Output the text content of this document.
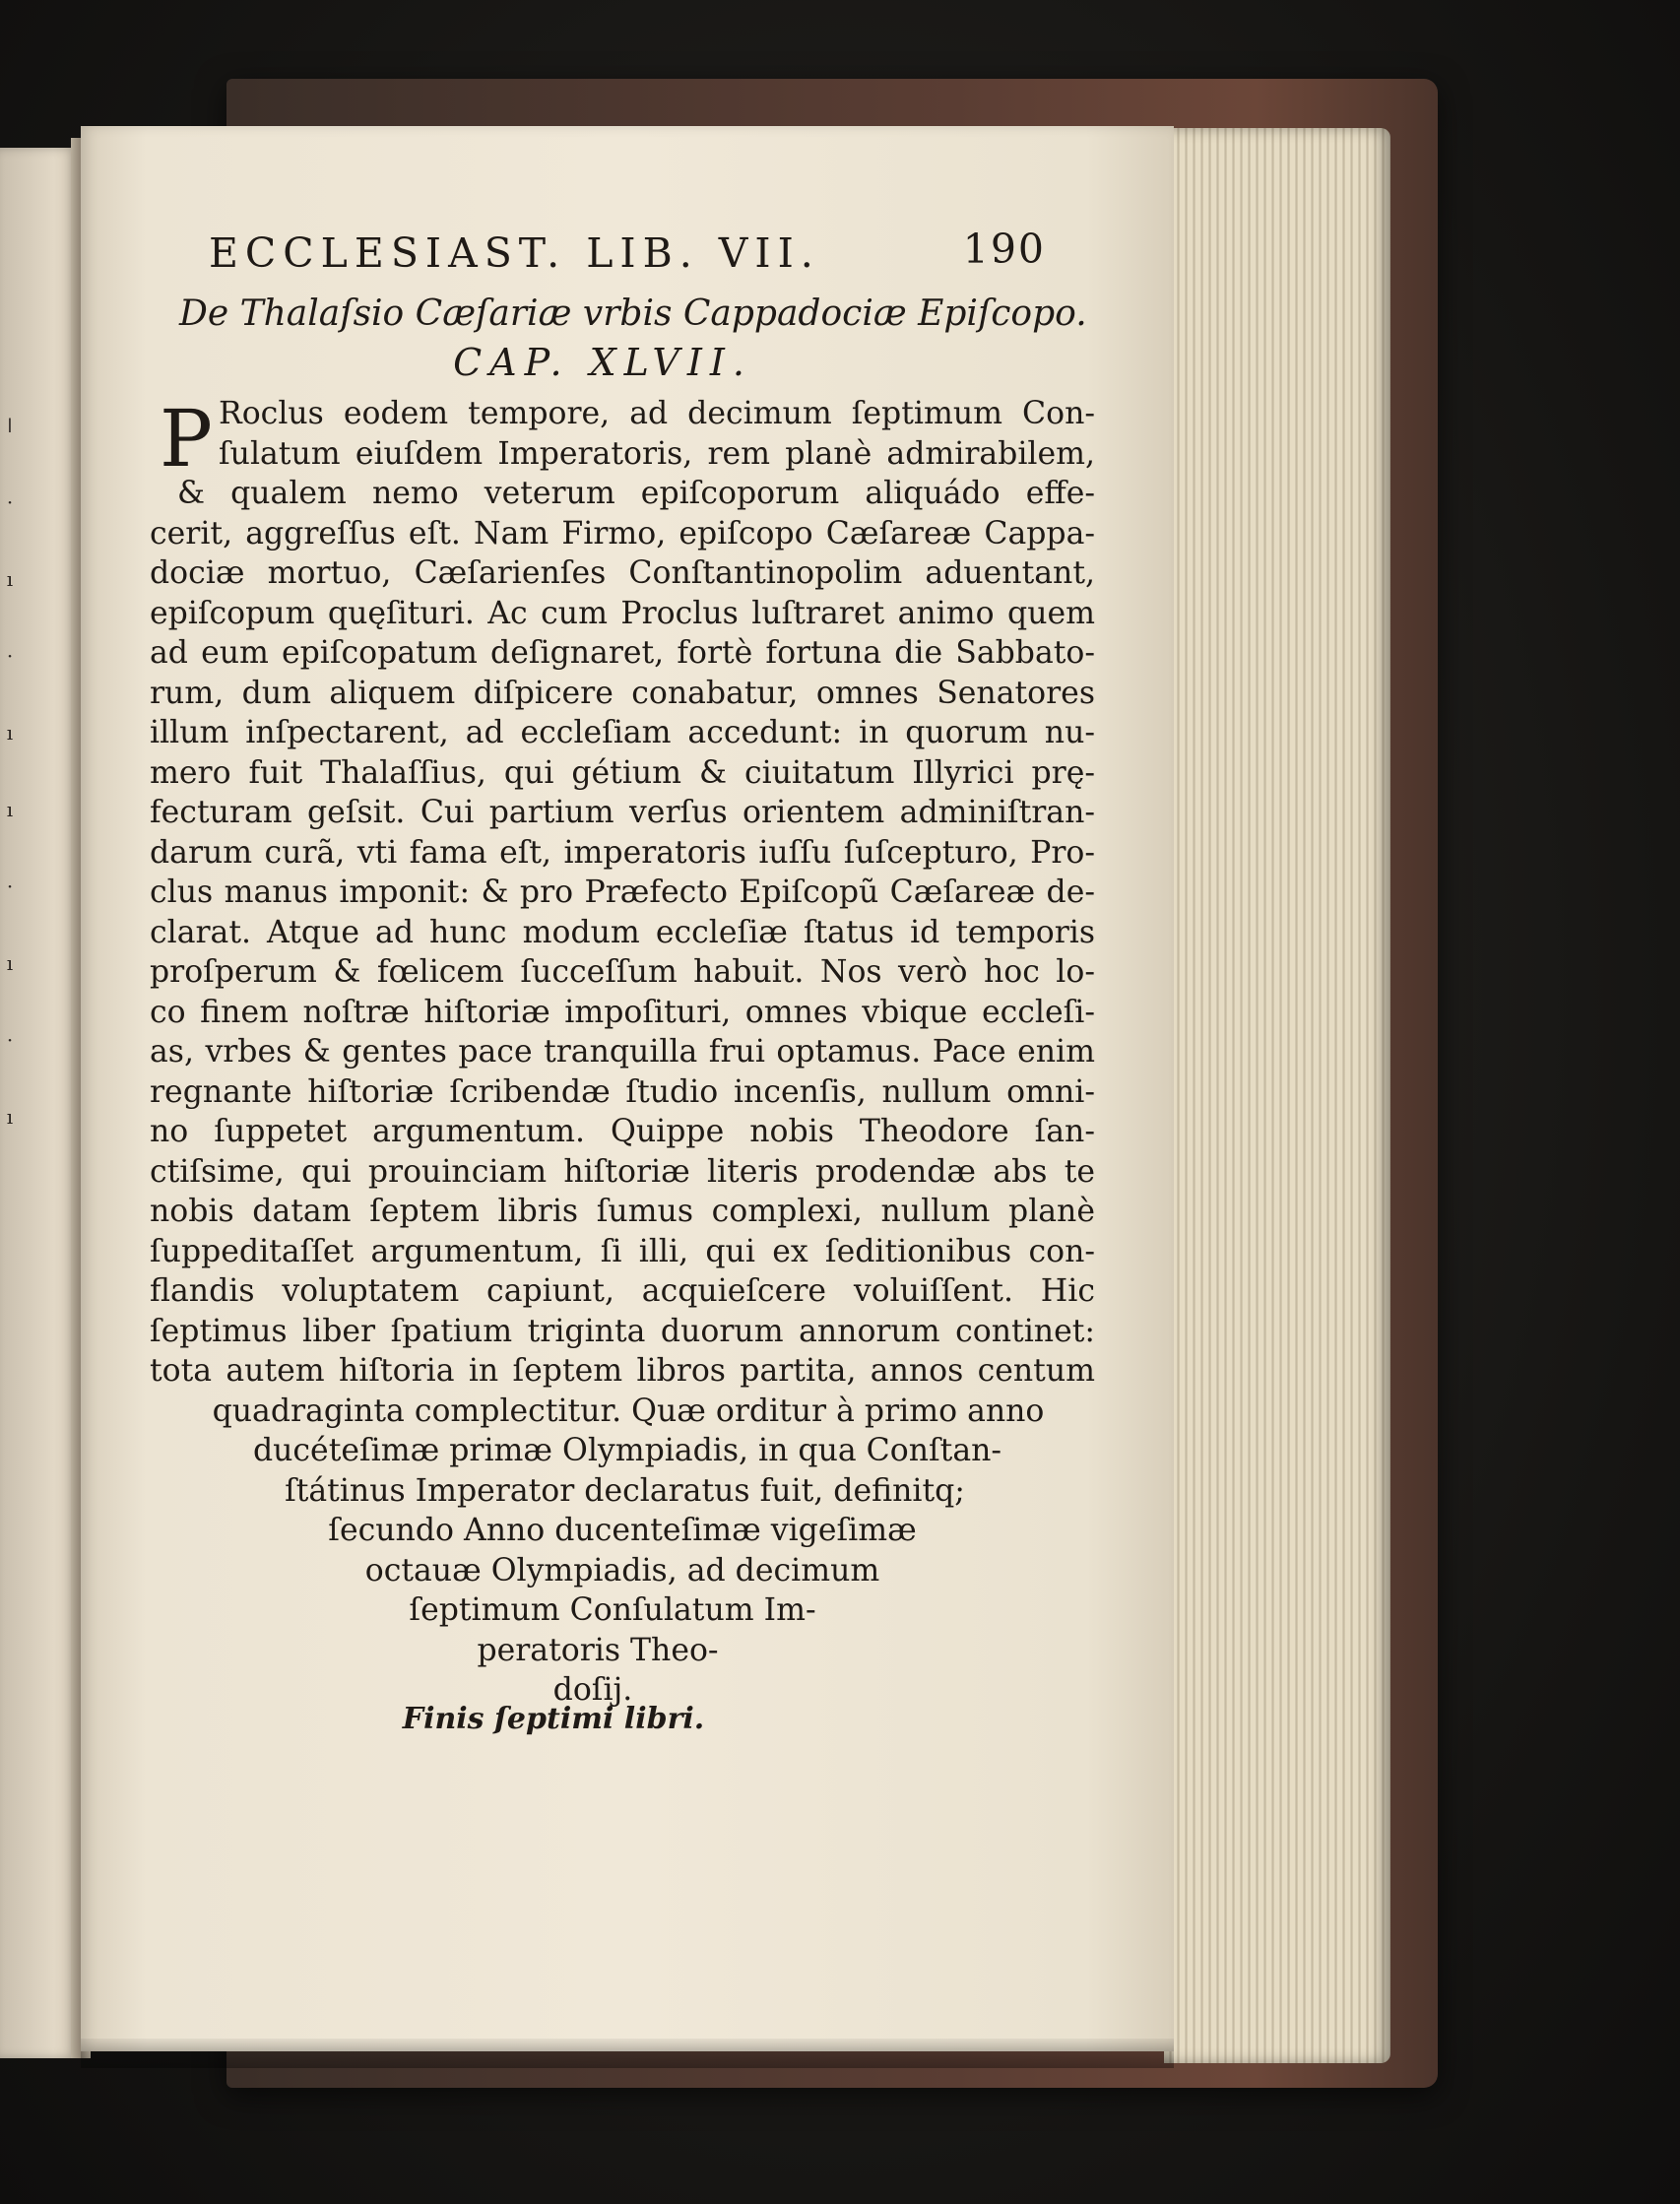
ǀ
·
ı
·
ı
ı
·
ı
·
ı
ECCLESIAST. LIB. VII.	190
De Thalaſsio Cæſariæ vrbis Cappadociæ Epiſcopo.
CAP. XLVII.
P Roclus eodem tempore, ad decimum ſeptimum Con-
ſulatum eiuſdem Imperatoris, rem planè admirabilem,
& qualem nemo veterum epiſcoporum aliquádo effe-
cerit, aggreſſus eſt. Nam Firmo, epiſcopo Cæſareæ Cappa-
dociæ mortuo, Cæſarienſes Conſtantinopolim aduentant,
epiſcopum quęſituri. Ac cum Proclus luſtraret animo quem
ad eum epiſcopatum deſignaret, fortè fortuna die Sabbato-
rum, dum aliquem diſpicere conabatur, omnes Senatores
illum inſpectarent, ad eccleſiam accedunt: in quorum nu-
mero fuit Thalaſſius, qui gétium & ciuitatum Illyrici prę-
fecturam geſsit. Cui partium verſus orientem adminiſtran-
darum curã, vti fama eſt, imperatoris iuſſu ſuſcepturo, Pro-
clus manus imponit: & pro Præfecto Epiſcopũ Cæſareæ de-
clarat. Atque ad hunc modum eccleſiæ ſtatus id temporis
proſperum & fœlicem ſucceſſum habuit. Nos verò hoc lo-
co finem noſtræ hiſtoriæ impoſituri, omnes vbique eccleſi-
as, vrbes & gentes pace tranquilla frui optamus. Pace enim
regnante hiſtoriæ ſcribendæ ſtudio incenſis, nullum omni-
no ſuppetet argumentum. Quippe nobis Theodore ſan-
ctiſsime, qui prouinciam hiſtoriæ literis prodendæ abs te
nobis datam ſeptem libris ſumus complexi, nullum planè
ſuppeditaſſet argumentum, ſi illi, qui ex ſeditionibus con-
flandis voluptatem capiunt, acquieſcere voluiſſent. Hic
ſeptimus liber ſpatium triginta duorum annorum continet:
tota autem hiſtoria in ſeptem libros partita, annos centum
quadraginta complectitur. Quæ orditur à primo anno
ducéteſimæ primæ Olympiadis, in qua Conſtan-
ſtátinus Imperator declaratus fuit, definitq;
ſecundo Anno ducenteſimæ vigeſimæ
octauæ Olympiadis, ad decimum
ſeptimum Conſulatum Im-
peratoris Theo-
doſij.
Finis ſeptimi libri.
